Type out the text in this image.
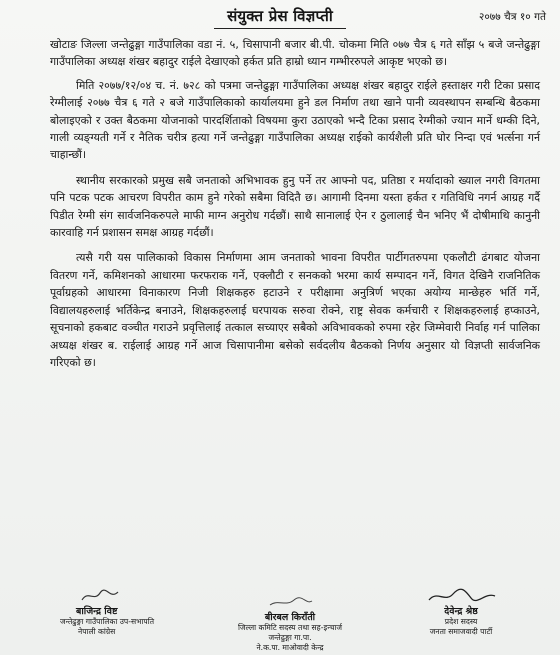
संयुक्त प्रेस विज्ञप्ती	२०७७ चैत्र १० गते

खोटाङ जिल्ला जन्तेढुङ्गा गाउँपालिका वडा नं. ५, चिसापानी बजार बी.पी. चोकमा मिति ०७७ चैत्र ६ गते साँझ ५ बजे जन्तेढुङ्गा गाउँपालिका अध्यक्ष शंखर बहादुर राईले देखाएको हर्कत प्रति हाम्रो ध्यान गम्भीररुपले आकृष्ट भएको छ।

मिति २०७७/१२/०४ च. नं. ७२८ को पत्रमा जन्तेढुङ्गा गाउँपालिका अध्यक्ष शंखर बहादुर राईले हस्ताक्षर गरी टिका प्रसाद रेग्मीलाई २०७७ चैत्र ६ गते २ बजे गाउँपालिकाको कार्यालयमा हुने डल निर्माण तथा खाने पानी व्यवस्थापन सम्बन्धि बैठकमा बोलाइएको र उक्त बैठकमा योजनाको पारदर्शिताको विषयमा कुरा उठाएको भन्दै टिका प्रसाद रेग्मीको ज्यान मार्ने धम्की दिने, गाली व्यङ्ग्यती गर्ने र नैतिक चरीत्र हत्या गर्ने जन्तेढुङ्गा गाउँपालिका अध्यक्ष राईको कार्यशैली प्रति घोर निन्दा एवं भर्त्सना गर्न चाहान्छौं।

स्थानीय सरकारको प्रमुख सबै जनताको अभिभावक हुनु पर्ने तर आफ्नो पद, प्रतिष्ठा र मर्यादाको ख्याल नगरी विगतमा पनि पटक पटक आचरण विपरीत काम हुने गरेको सबैमा विदितै छ। आगामी दिनमा यस्ता हर्कत र गतिविधि नगर्न आग्रह गर्दै पिडीत रेग्मी संग सार्वजनिकरुपले माफी माग्न अनुरोध गर्दछौं। साथै सानालाई ऐन र ठुलालाई चैन भनिए भैं दोषीमाथि कानुनी कारवाहि गर्न प्रशासन समक्ष आग्रह गर्दछौं।

त्यसै गरी यस पालिकाको विकास निर्माणमा आम जनताको भावना विपरीत पार्टीगतरुपमा एकलौटी ढंगबाट योजना वितरण गर्ने, कमिशनको आधारमा फरफराक गर्ने, एक्लौटी र सनकको भरमा कार्य सम्पादन गर्ने, विगत देखिनै राजनितिक पूर्वाग्रहको आधारमा विनाकारण निजी शिक्षकहरु हटाउने र परीक्षामा अनुत्रिर्ण भएका अयोग्य मान्छेहरु भर्ति गर्ने, विद्यालयहरुलाई भर्तिकेन्द्र बनाउने, शिक्षकहरुलाई घरपायक सरुवा रोक्ने, राष्ट्र सेवक कर्मचारी र शिक्षकहरुलाई हप्काउने, सूचनाको हकबाट वञ्चीत गराउने प्रवृत्तिलाई तत्काल सच्याएर सबैको अविभावकको रुपमा रहेर जिम्मेवारी निर्वाह गर्न पालिका अध्यक्ष शंखर ब. राईलाई आग्रह गर्ने आज चिसापानीमा बसेको सर्वदलीय बैठकको निर्णय अनुसार यो विज्ञप्ती सार्वजनिक गरिएको छ।

बाजिन्द्र विष्ट
जन्तेढुङ्गा गाउँपालिका उप-सभापति
नेपाली कांग्रेस
बीरबल किराँती
जिल्ला कमिटि सदस्य तथा सह-इन्चार्ज
जन्तेढुङ्गा गा.पा.
ने.क.पा. माओवादी केन्द्र
देवेन्द्र श्रेष्ठ
प्रदेश सदस्य
जनता समाजवादी पार्टी
